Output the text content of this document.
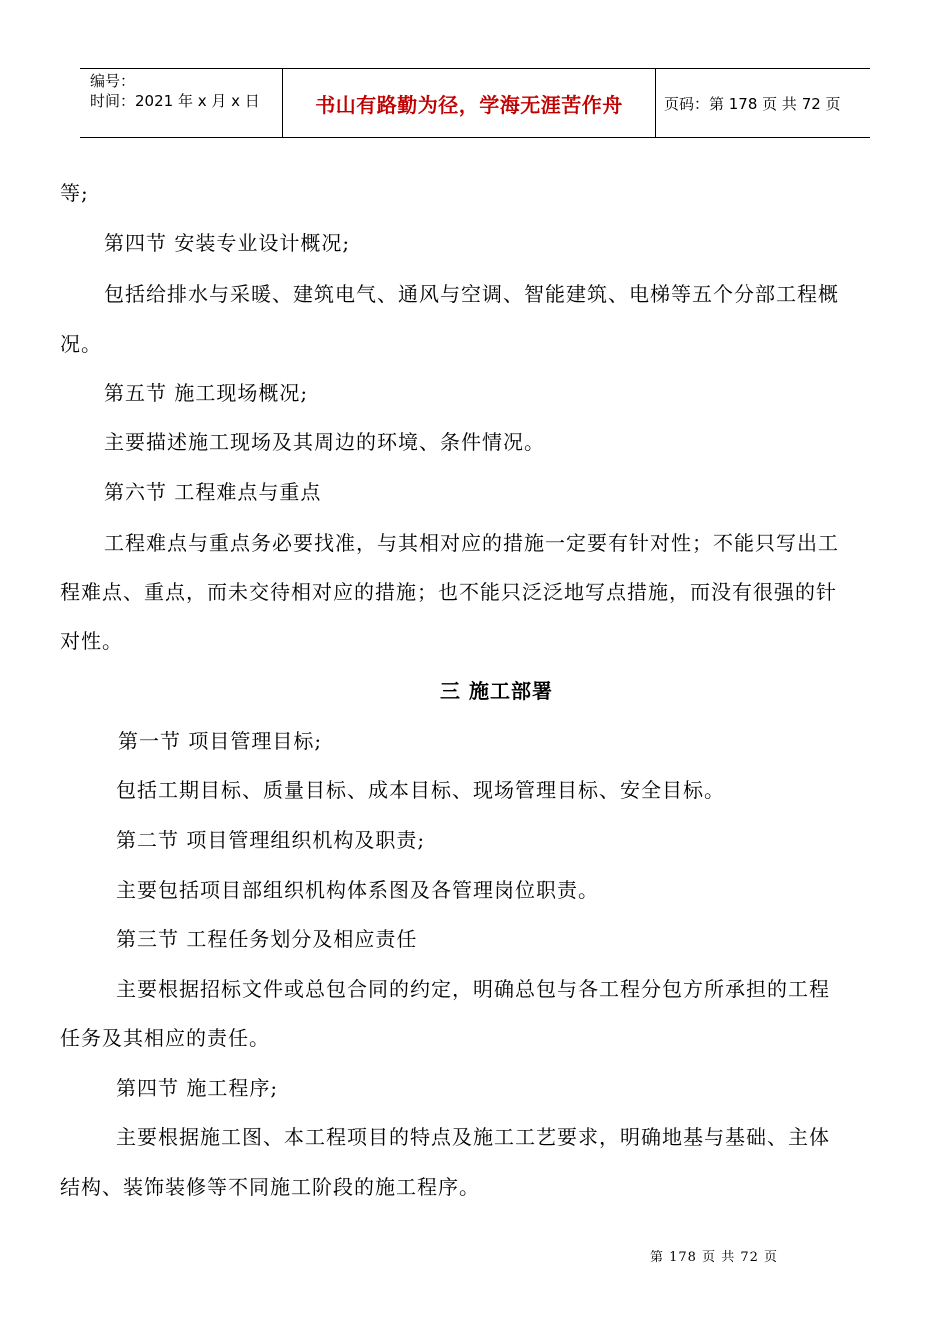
编号：
时间：2021 年 x 月 x 日	书山有路勤为径，学海无涯苦作舟	页码：第 178 页 共 72 页
等;
第四节 安装专业设计概况;
包括给排水与采暖、建筑电气、通风与空调、智能建筑、电梯等五个分部工程概
况。
第五节 施工现场概况;
主要描述施工现场及其周边的环境、条件情况。
第六节 工程难点与重点
工程难点与重点务必要找准，与其相对应的措施一定要有针对性；不能只写出工
程难点、重点，而未交待相对应的措施；也不能只泛泛地写点措施，而没有很强的针
对性。
三 施工部署
第一节 项目管理目标;
包括工期目标、质量目标、成本目标、现场管理目标、安全目标。
第二节 项目管理组织机构及职责;
主要包括项目部组织机构体系图及各管理岗位职责。
第三节 工程任务划分及相应责任
主要根据招标文件或总包合同的约定，明确总包与各工程分包方所承担的工程
任务及其相应的责任。
第四节 施工程序;
主要根据施工图、本工程项目的特点及施工工艺要求，明确地基与基础、主体
结构、装饰装修等不同施工阶段的施工程序。
第 178 页 共 72 页
